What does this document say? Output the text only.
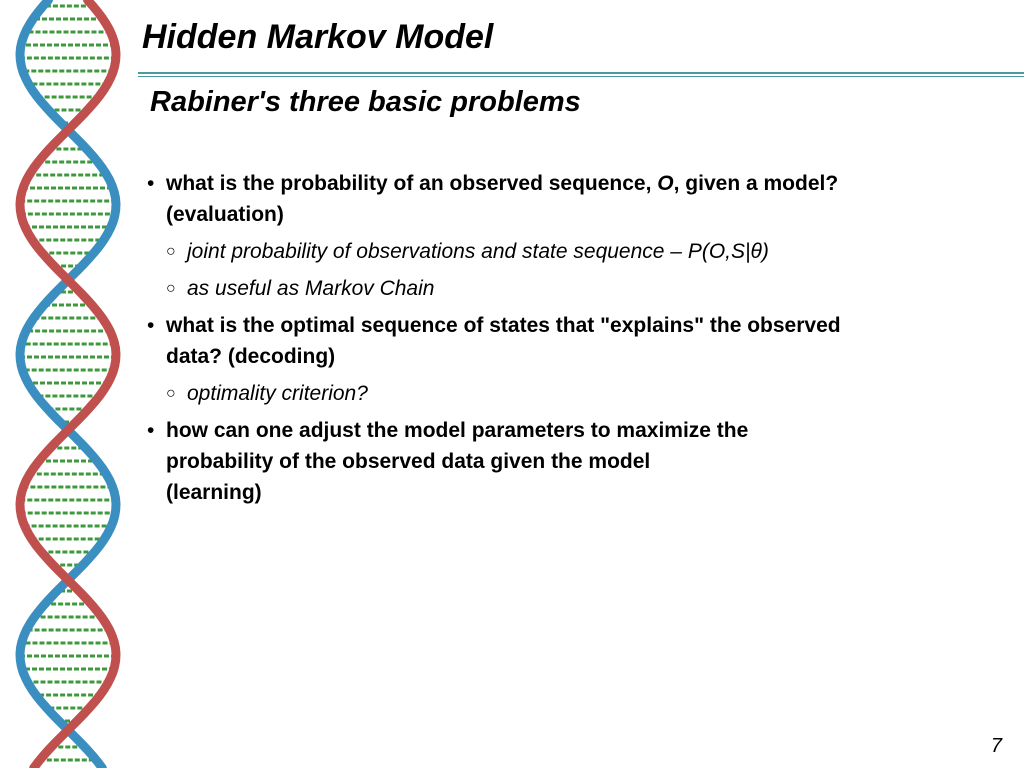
Hidden Markov Model
Rabiner's three basic problems
• what is the probability of an observed sequence, O, given a model?
(evaluation)
○ joint probability of observations and state sequence – P(O,S|θ)
○ as useful as Markov Chain
• what is the optimal sequence of states that "explains" the observed
data? (decoding)
○ optimality criterion?
• how can one adjust the model parameters to maximize the
probability of the observed data given the model
(learning)
7
